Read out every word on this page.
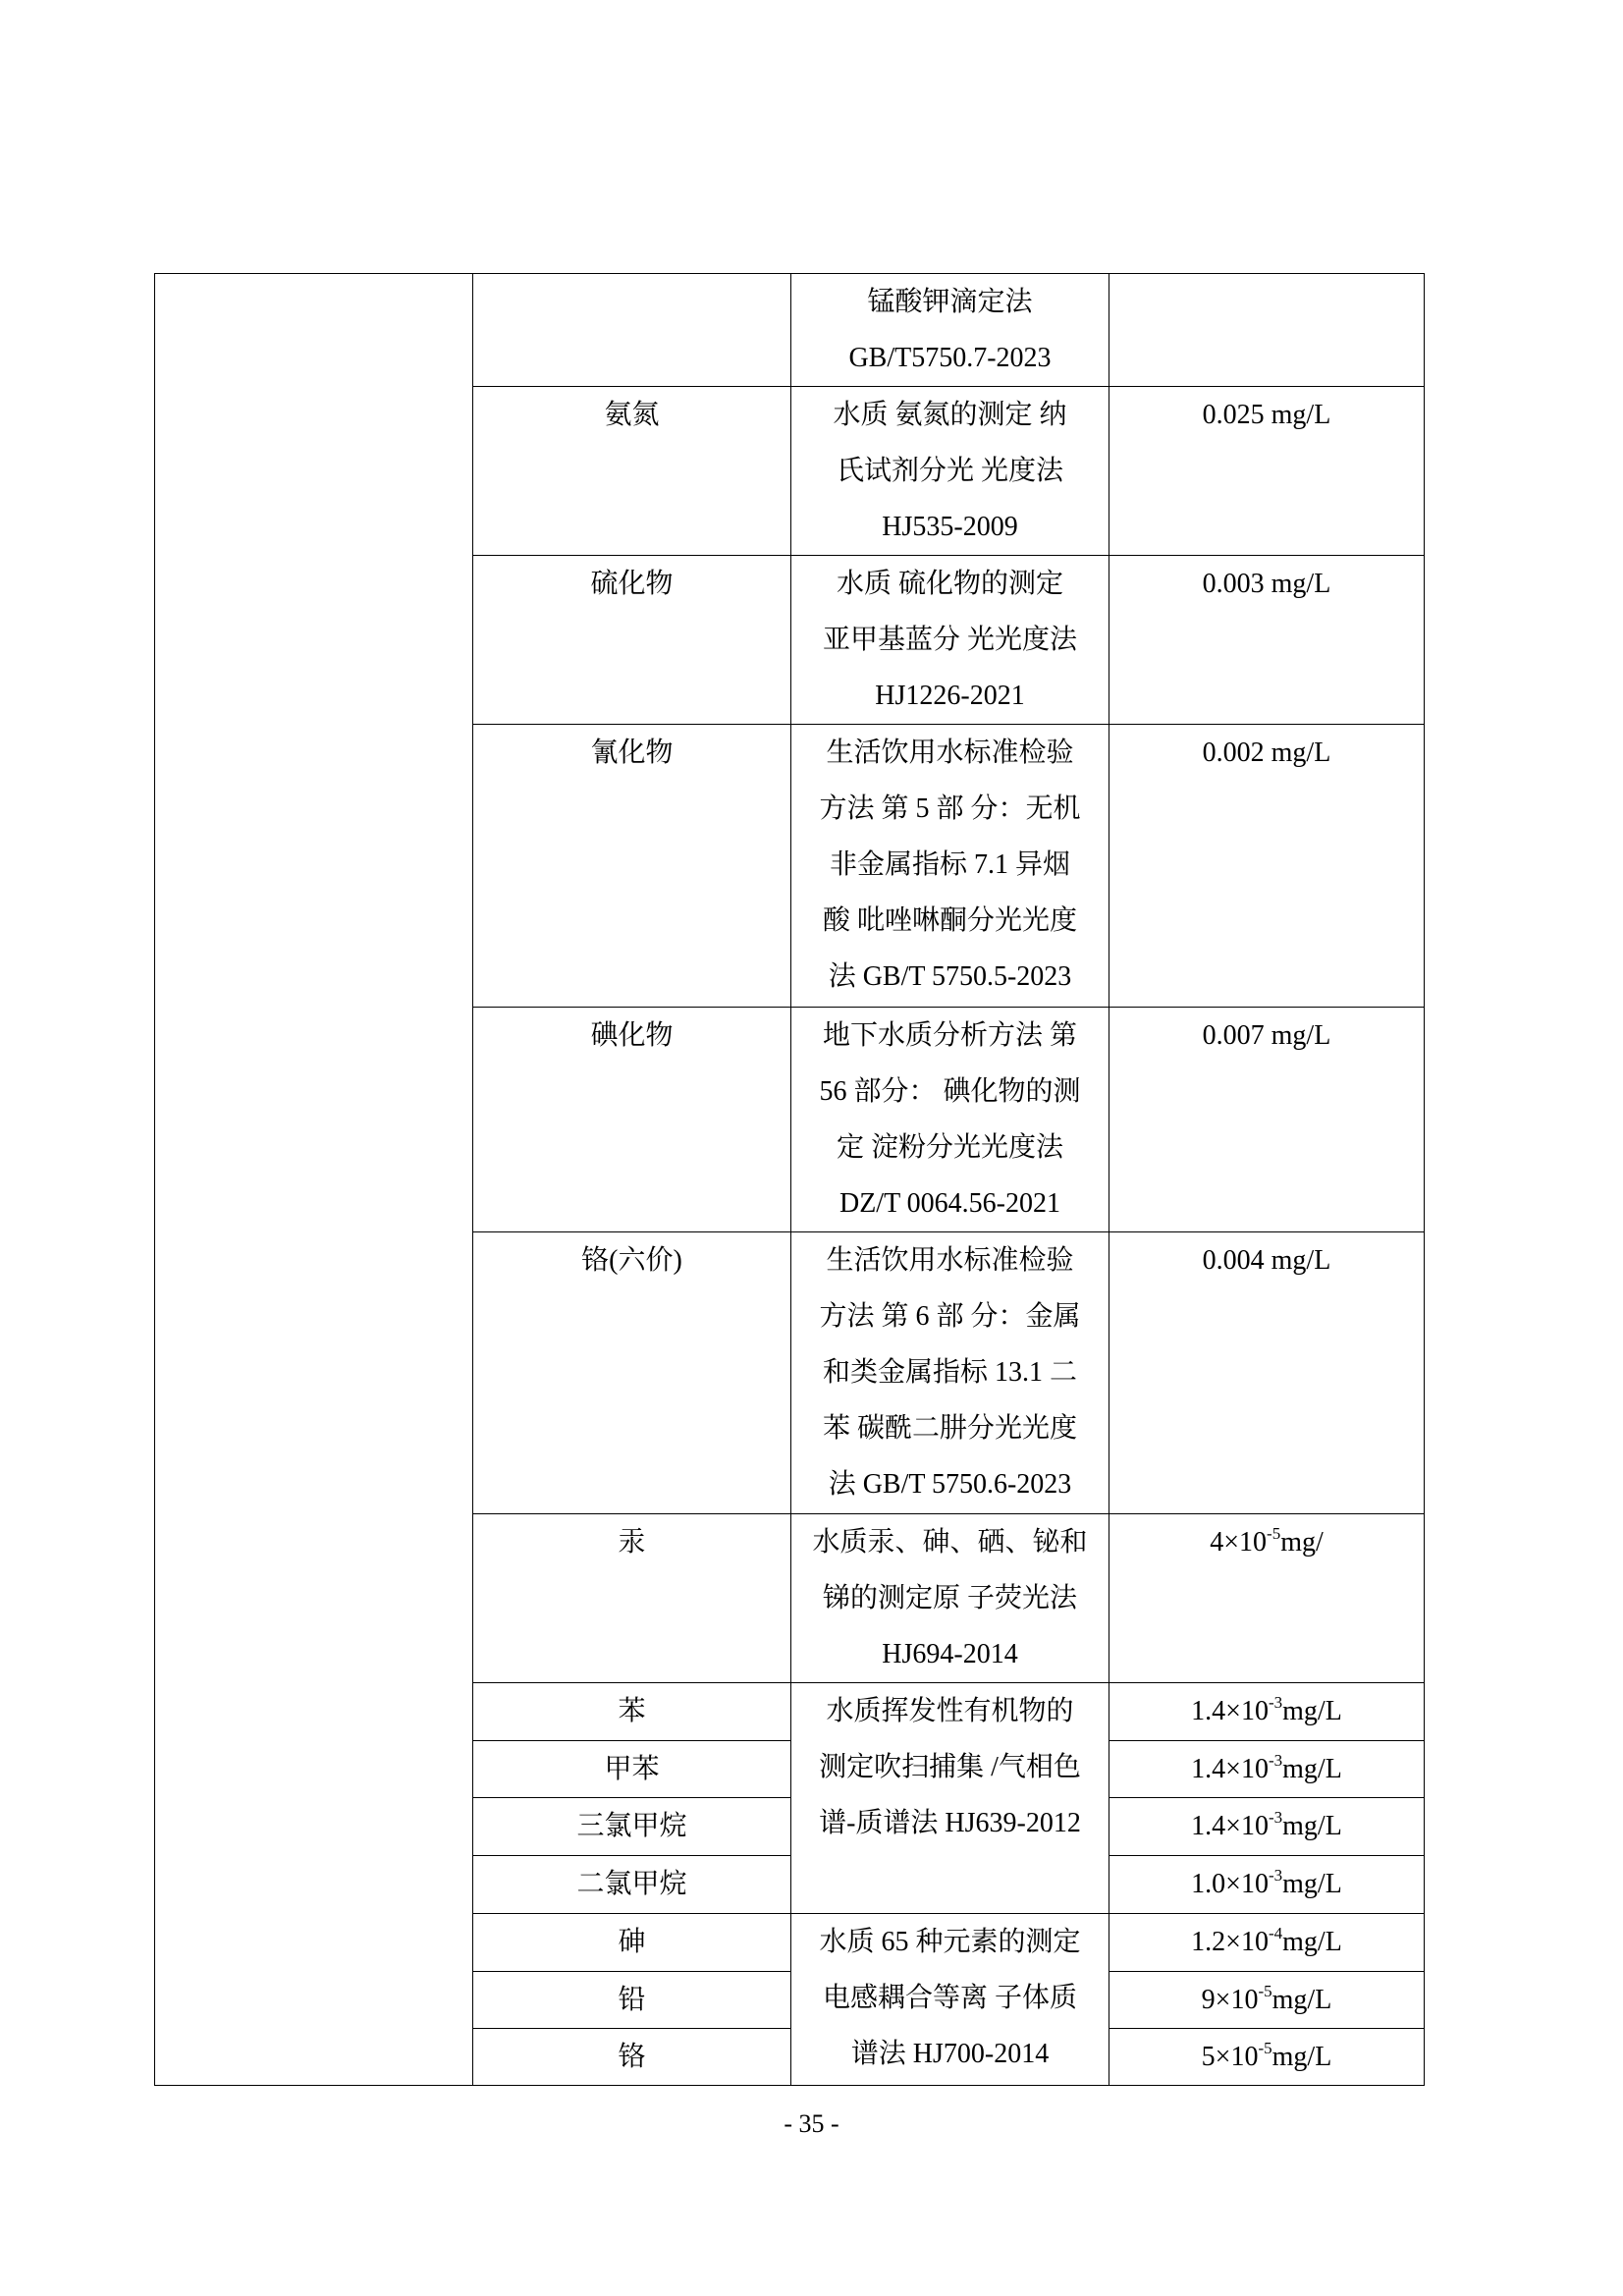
		锰酸钾滴定法
GB/T5750.7-2023	

	氨氮	水质 氨氮的测定 纳
氏试剂分光 光度法
HJ535-2009	0.025 mg/L
	硫化物	水质 硫化物的测定
亚甲基蓝分 光光度法
HJ1226-2021	0.003 mg/L
	氰化物	生活饮用水标准检验
方法 第 5 部 分：无机
非金属指标 7.1 异烟
酸 吡唑啉酮分光光度
法 GB/T 5750.5-2023	0.002 mg/L
	碘化物	地下水质分析方法 第
56 部分： 碘化物的测
定 淀粉分光光度法
DZ/T 0064.56-2021	0.007 mg/L
	铬(六价)	生活饮用水标准检验
方法 第 6 部 分：金属
和类金属指标 13.1 二
苯 碳酰二肼分光光度
法 GB/T 5750.6-2023	0.004 mg/L
	汞	水质汞、砷、硒、铋和
锑的测定原 子荧光法
HJ694-2014	$4\times 10^{-5}mg/$
	苯	水质挥发性有机物的
测定吹扫捕集 /气相色
谱-质谱法 HJ639-2012	$1.4\times 10^{-3}mg/L$
	甲苯		$1.4\times 10^{-3}mg/L$
	三氯甲烷		$1.4\times 10^{-3}mg/L$
	二氯甲烷		$1.0\times 10^{-3}mg/L$
	砷	水质 65 种元素的测定
电感耦合等离 子体质
谱法 HJ700-2014	$1.2\times 10^{-4}mg/L$
	铅		$9\times 10^{-5}mg/L$
	铬		$5\times 10^{-5}mg/L$
- 35 -
